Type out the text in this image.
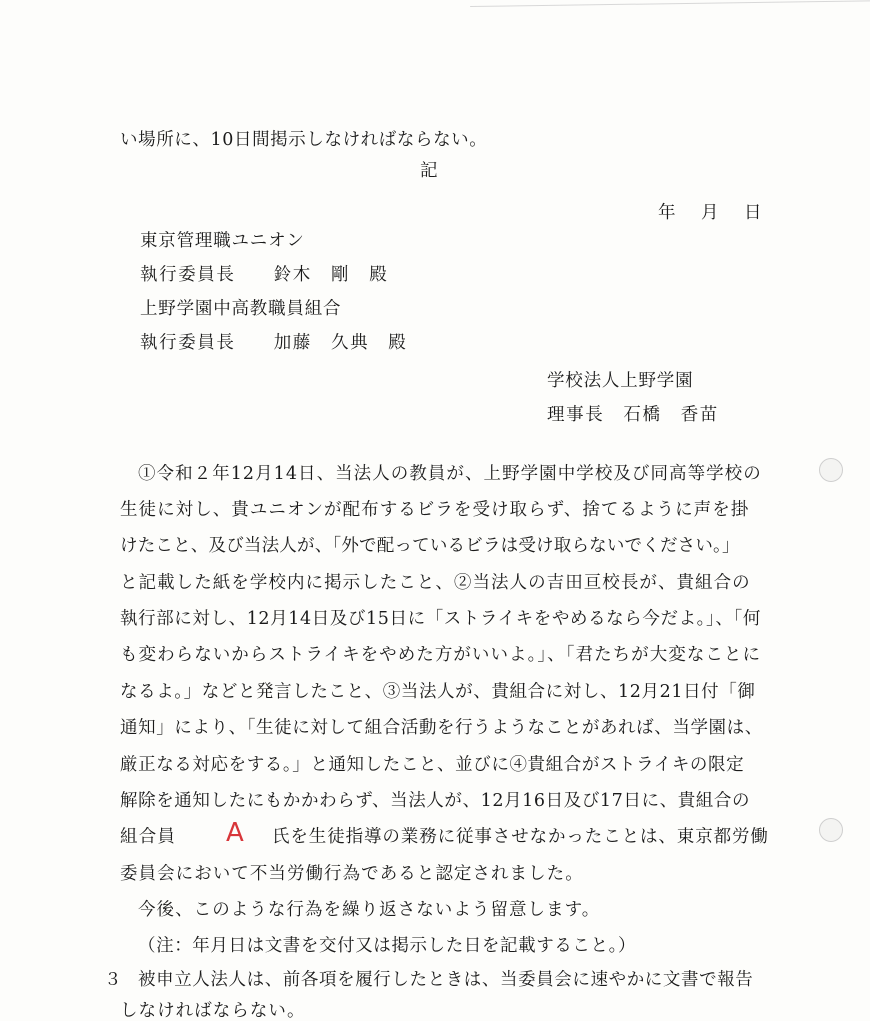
い場所に、10日間掲示しなければならない。
記
年　月　日
東京管理職ユニオン
執行委員長　　鈴木　剛　殿
上野学園中高教職員組合
執行委員長　　加藤　久典　殿
学校法人上野学園
理事長　石橋　香苗
①令和２年12月14日、当法人の教員が、上野学園中学校及び同高等学校の
生徒に対し、貴ユニオンが配布するビラを受け取らず、捨てるように声を掛
けたこと、及び当法人が、「外で配っているビラは受け取らないでください。」
と記載した紙を学校内に掲示したこと、②当法人の吉田亘校長が、貴組合の
執行部に対し、12月14日及び15日に「ストライキをやめるなら今だよ。」、「何
も変わらないからストライキをやめた方がいいよ。」、「君たちが大変なことに
なるよ。」などと発言したこと、③当法人が、貴組合に対し、12月21日付「御
通知」により、「生徒に対して組合活動を行うようなことがあれば、当学園は、
厳正なる対応をする。」と通知したこと、並びに④貴組合がストライキの限定
解除を通知したにもかかわらず、当法人が、12月16日及び17日に、貴組合の
組合員 A 氏を生徒指導の業務に従事させなかったことは、東京都労働
委員会において不当労働行為であると認定されました。
今後、このような行為を繰り返さないよう留意します。
（注：年月日は文書を交付又は掲示した日を記載すること。）
３ 被申立人法人は、前各項を履行したときは、当委員会に速やかに文書で報告
しなければならない。
